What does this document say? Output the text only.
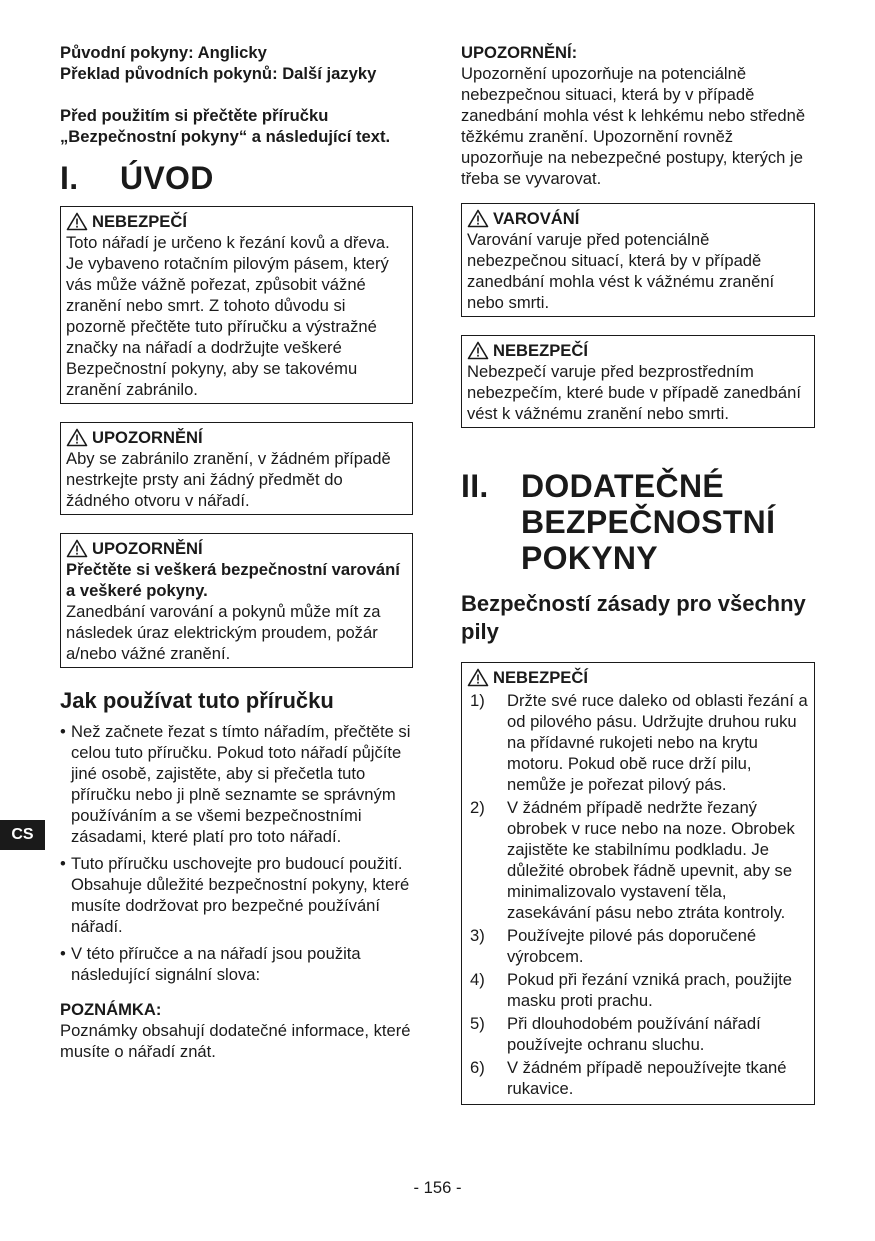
Původní pokyny: Anglicky
Překlad původních pokynů: Další jazyky

Před použitím si přečtěte příručku „Bezpečnostní pokyny“ a následující text.

I.	ÚVOD
NEBEZPEČÍ

Toto nářadí je určeno k řezání kovů a dřeva. Je vybaveno rotačním pilovým pásem, který vás může vážně pořezat, způsobit vážné zranění nebo smrt. Z tohoto důvodu si pozorně přečtěte tuto příručku a výstražné značky na nářadí a dodržujte veškeré Bezpečnostní pokyny, aby se takovému zranění zabránilo.

UPOZORNĚNÍ

Aby se zabránilo zranění, v žádném případě nestrkejte prsty ani žádný předmět do žádného otvoru v nářadí.

UPOZORNĚNÍ

Přečtěte si veškerá bezpečnostní varování a veškeré pokyny.

Zanedbání varování a pokynů může mít za následek úraz elektrickým proudem, požár a/nebo vážné zranění.

Jak používat tuto příručku
• Než začnete řezat s tímto nářadím, přečtěte si celou tuto příručku. Pokud toto nářadí půjčíte jiné osobě, zajistěte, aby si přečetla tuto příručku nebo ji plně seznamte se správným používáním a se všemi bezpečnostními zásadami, které platí pro toto nářadí.
• Tuto příručku uschovejte pro budoucí použití. Obsahuje důležité bezpečnostní pokyny, které musíte dodržovat pro bezpečné používání nářadí.
• V této příručce a na nářadí jsou použita následující signální slova:

POZNÁMKA:

Poznámky obsahují dodatečné informace, které musíte o nářadí znát.

UPOZORNĚNÍ:

Upozornění upozorňuje na potenciálně nebezpečnou situaci, která by v případě zanedbání mohla vést k lehkému nebo středně těžkému zranění. Upozornění rovněž upozorňuje na nebezpečné postupy, kterých je třeba se vyvarovat.

VAROVÁNÍ

Varování varuje před potenciálně nebezpečnou situací, která by v případě zanedbání mohla vést k vážnému zranění nebo smrti.

NEBEZPEČÍ

Nebezpečí varuje před bezprostředním nebezpečím, které bude v případě zanedbání vést k vážnému zranění nebo smrti.

II.	DODATEČNÉ
BEZPEČNOSTNÍ
POKYNY
Bezpečností zásady pro všechny pily
NEBEZPEČÍ
1)	Držte své ruce daleko od oblasti řezání a od pilového pásu. Udržujte druhou ruku na přídavné rukojeti nebo na krytu motoru. Pokud obě ruce drží pilu, nemůže je pořezat pilový pás.
2)	V žádném případě nedržte řezaný obrobek v ruce nebo na noze. Obrobek zajistěte ke stabilnímu podkladu. Je důležité obrobek řádně upevnit, aby se minimalizovalo vystavení těla, zasekávání pásu nebo ztráta kontroly.
3)	Používejte pilové pás doporučené výrobcem.
4)	Pokud při řezání vzniká prach, použijte masku proti prachu.
5)	Při dlouhodobém používání nářadí používejte ochranu sluchu.
6)	V žádném případě nepoužívejte tkané rukavice.
CS
- 156 -
